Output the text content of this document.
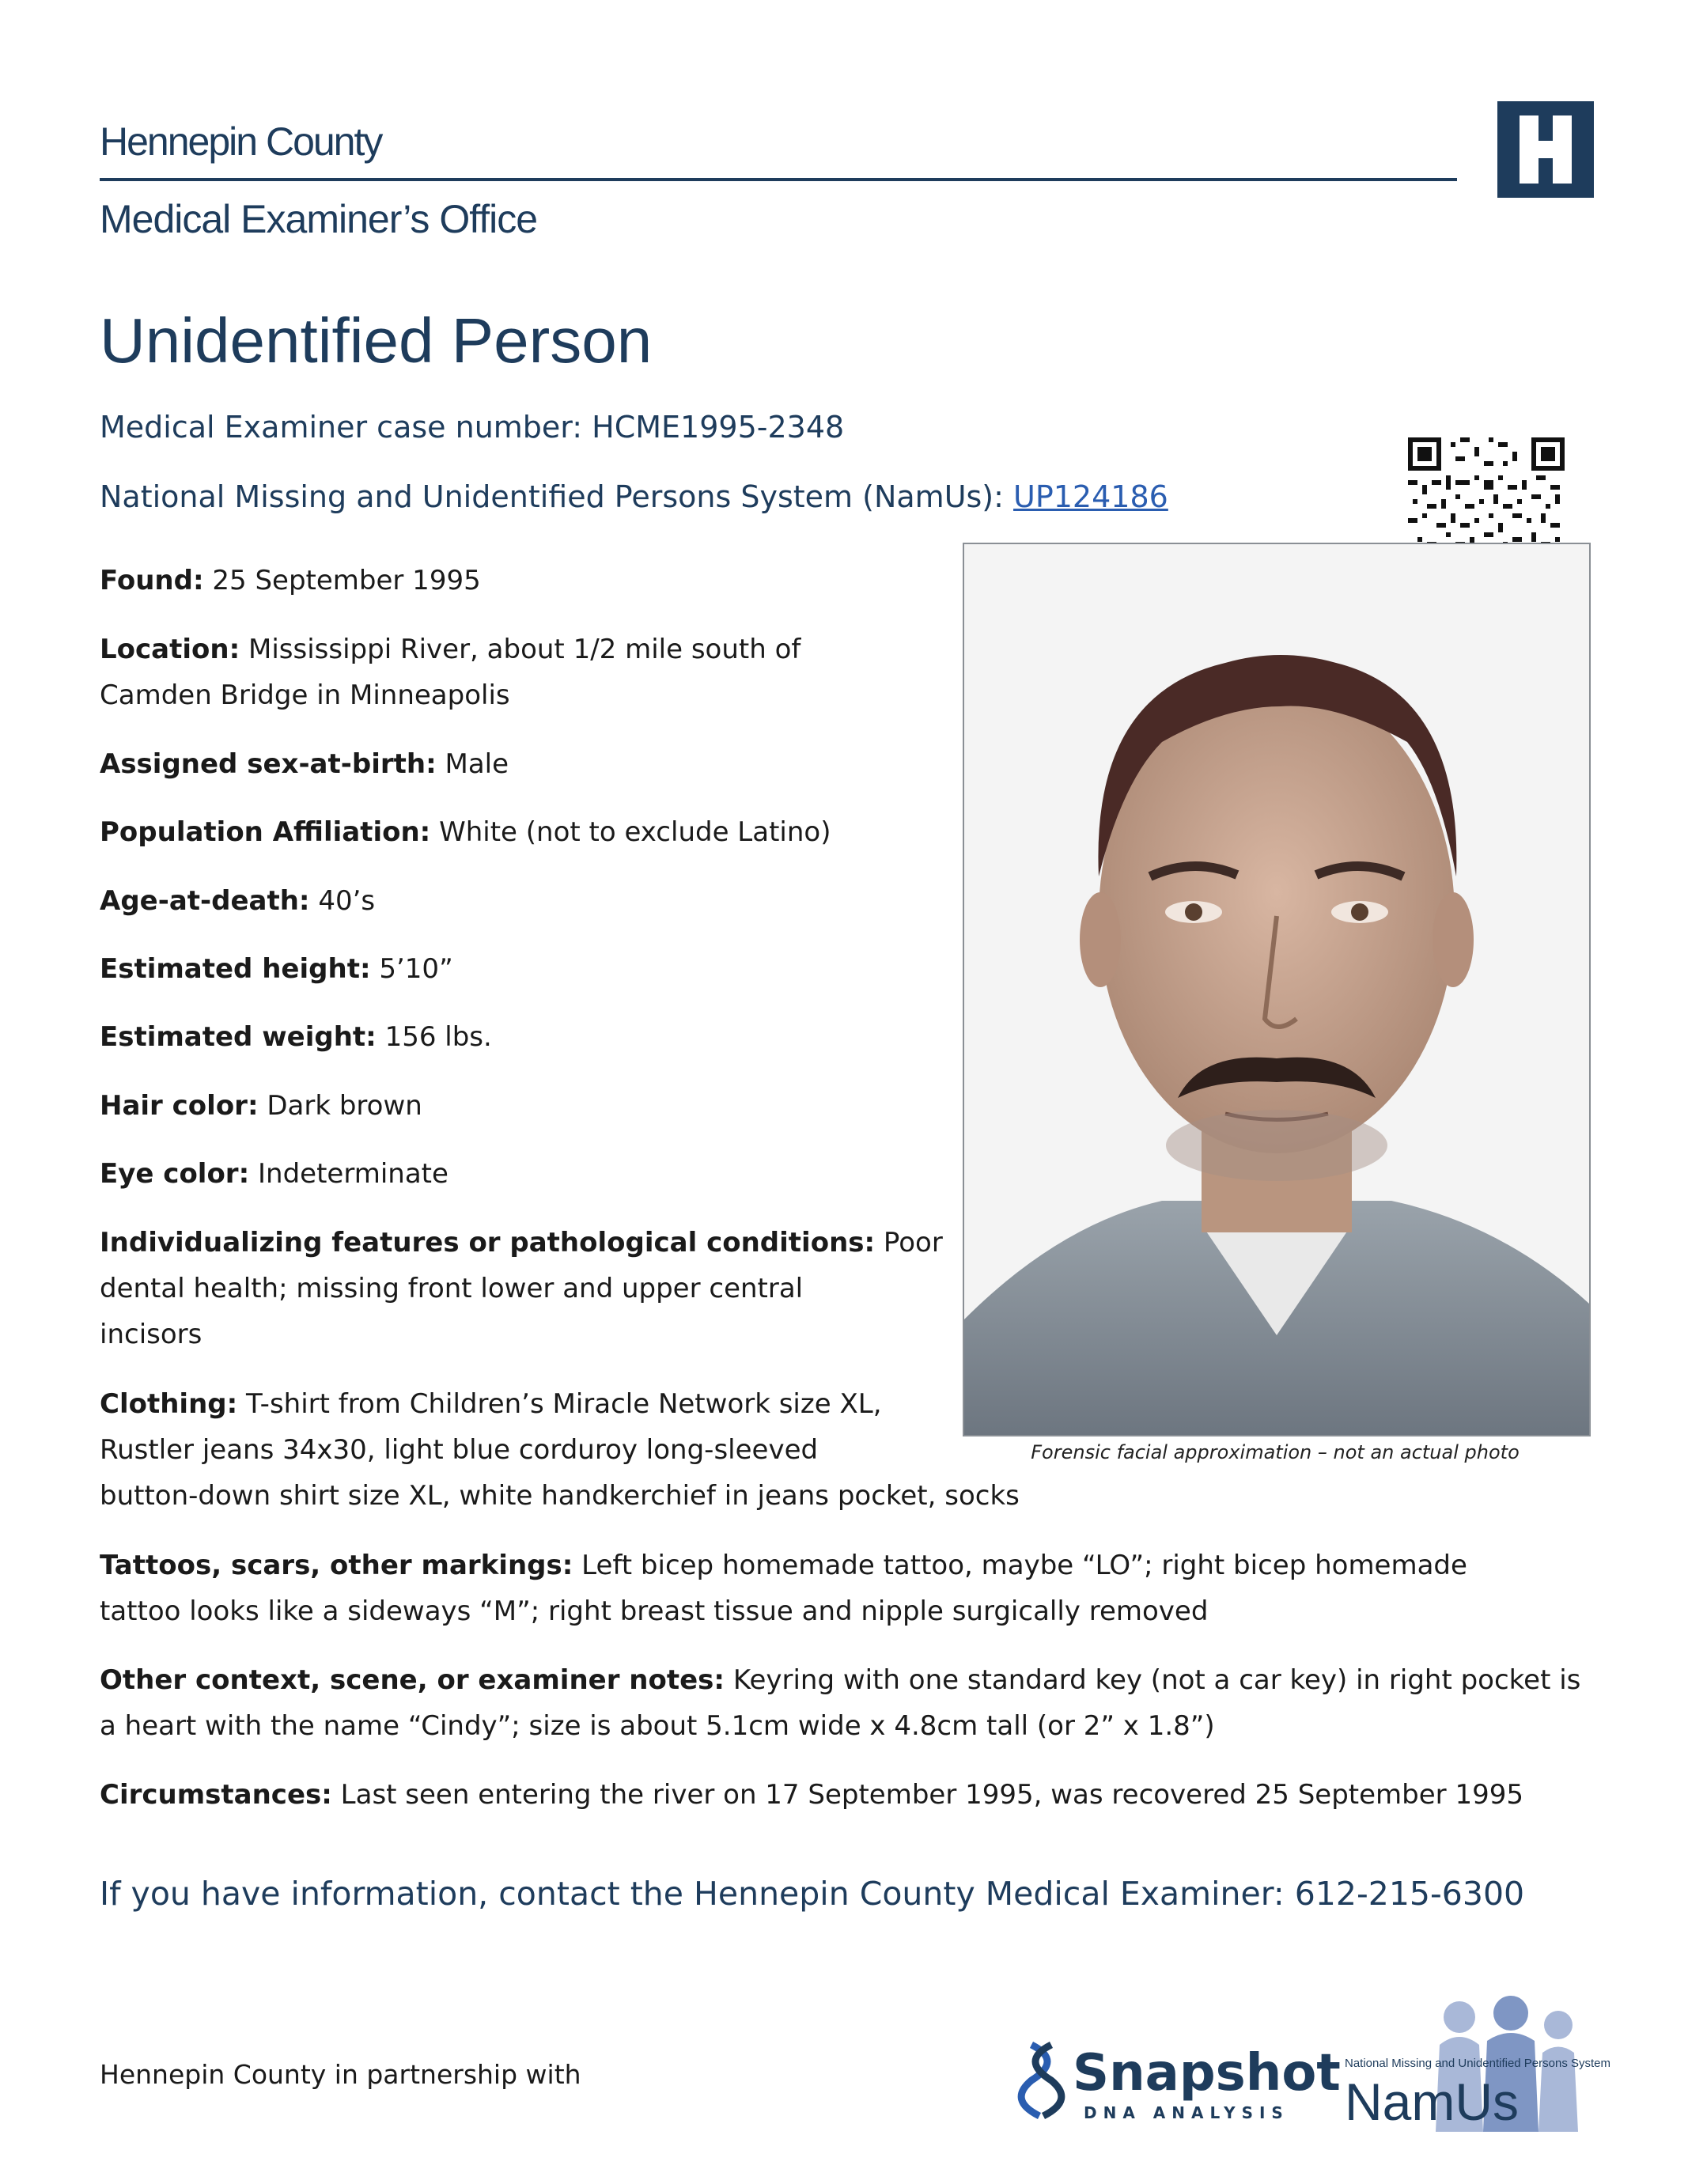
Hennepin County
Medical Examiner’s Office
Unidentified Person
Medical Examiner case number: HCME1995-2348
National Missing and Unidentified Persons System (NamUs): UP124186
Forensic facial approximation – not an actual photo
Found: 25 September 1995
Location: Mississippi River, about 1/2 mile south of
Camden Bridge in Minneapolis
Assigned sex-at-birth: Male
Population Affiliation: White (not to exclude Latino)
Age-at-death: 40’s
Estimated height: 5’10”
Estimated weight: 156 lbs.
Hair color: Dark brown
Eye color: Indeterminate
Individualizing features or pathological conditions: Poor
dental health; missing front lower and upper central
incisors
Clothing: T-shirt from Children’s Miracle Network size XL,
Rustler jeans 34x30, light blue corduroy long-sleeved
button-down shirt size XL, white handkerchief in jeans pocket, socks
Tattoos, scars, other markings: Left bicep homemade tattoo, maybe “LO”; right bicep homemade
tattoo looks like a sideways “M”; right breast tissue and nipple surgically removed
Other context, scene, or examiner notes: Keyring with one standard key (not a car key) in right pocket is
a heart with the name “Cindy”; size is about 5.1cm wide x 4.8cm tall (or 2” x 1.8”)
Circumstances: Last seen entering the river on 17 September 1995, was recovered 25 September 1995
If you have information, contact the Hennepin County Medical Examiner: 612-215-6300
Hennepin County in partnership with	Snapshot
DNA ANALYSIS
National Missing and Unidentified Persons System
NamUs
